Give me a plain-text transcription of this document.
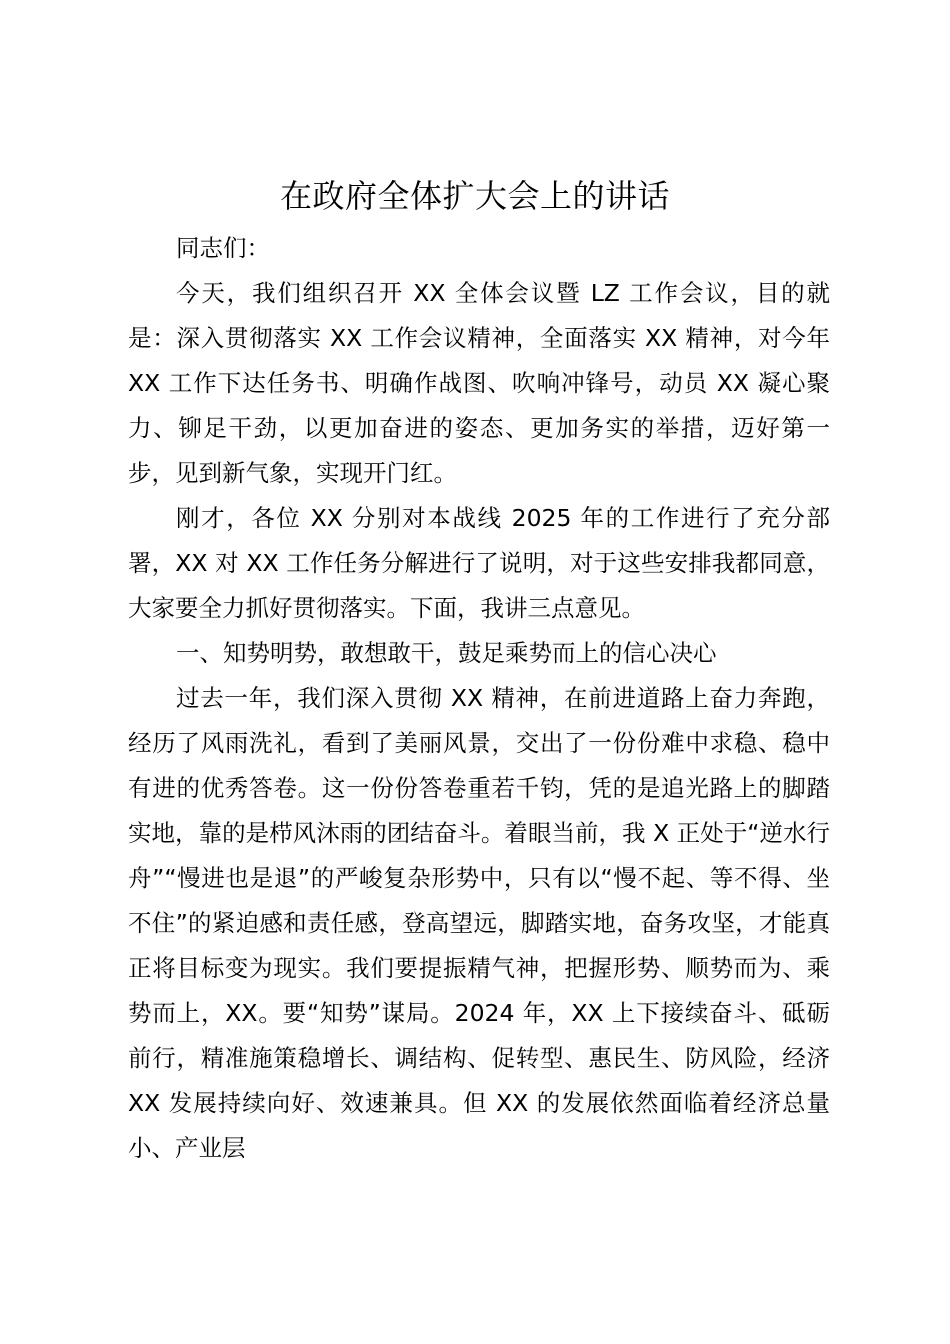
在政府全体扩大会上的讲话

同志们：

今天，我们组织召开 XX 全体会议暨 LZ 工作会议，目的就是：深入贯彻落实 XX 工作会议精神，全面落实 XX 精神，对今年 XX 工作下达任务书、明确作战图、吹响冲锋号，动员 XX 凝心聚力、铆足干劲，以更加奋进的姿态、更加务实的举措，迈好第一步，见到新气象，实现开门红。

刚才，各位 XX 分别对本战线 2025 年的工作进行了充分部署，XX 对 XX 工作任务分解进行了说明，对于这些安排我都同意，大家要全力抓好贯彻落实。下面，我讲三点意见。

一、知势明势，敢想敢干，鼓足乘势而上的信心决心

过去一年，我们深入贯彻 XX 精神，在前进道路上奋力奔跑，经历了风雨洗礼，看到了美丽风景，交出了一份份难中求稳、稳中有进的优秀答卷。这一份份答卷重若千钧，凭的是追光路上的脚踏实地，靠的是栉风沐雨的团结奋斗。着眼当前，我 X 正处于“逆水行舟”“慢进也是退”的严峻复杂形势中，只有以“慢不起、等不得、坐不住”的紧迫感和责任感，登高望远，脚踏实地，奋务攻坚，才能真正将目标变为现实。我们要提振精气神，把握形势、顺势而为、乘势而上，XX。要“知势”谋局。2024 年，XX 上下接续奋斗、砥砺前行，精准施策稳增长、调结构、促转型、惠民生、防风险，经济 XX 发展持续向好、效速兼具。但 XX 的发展依然面临着经济总量小、产业层
